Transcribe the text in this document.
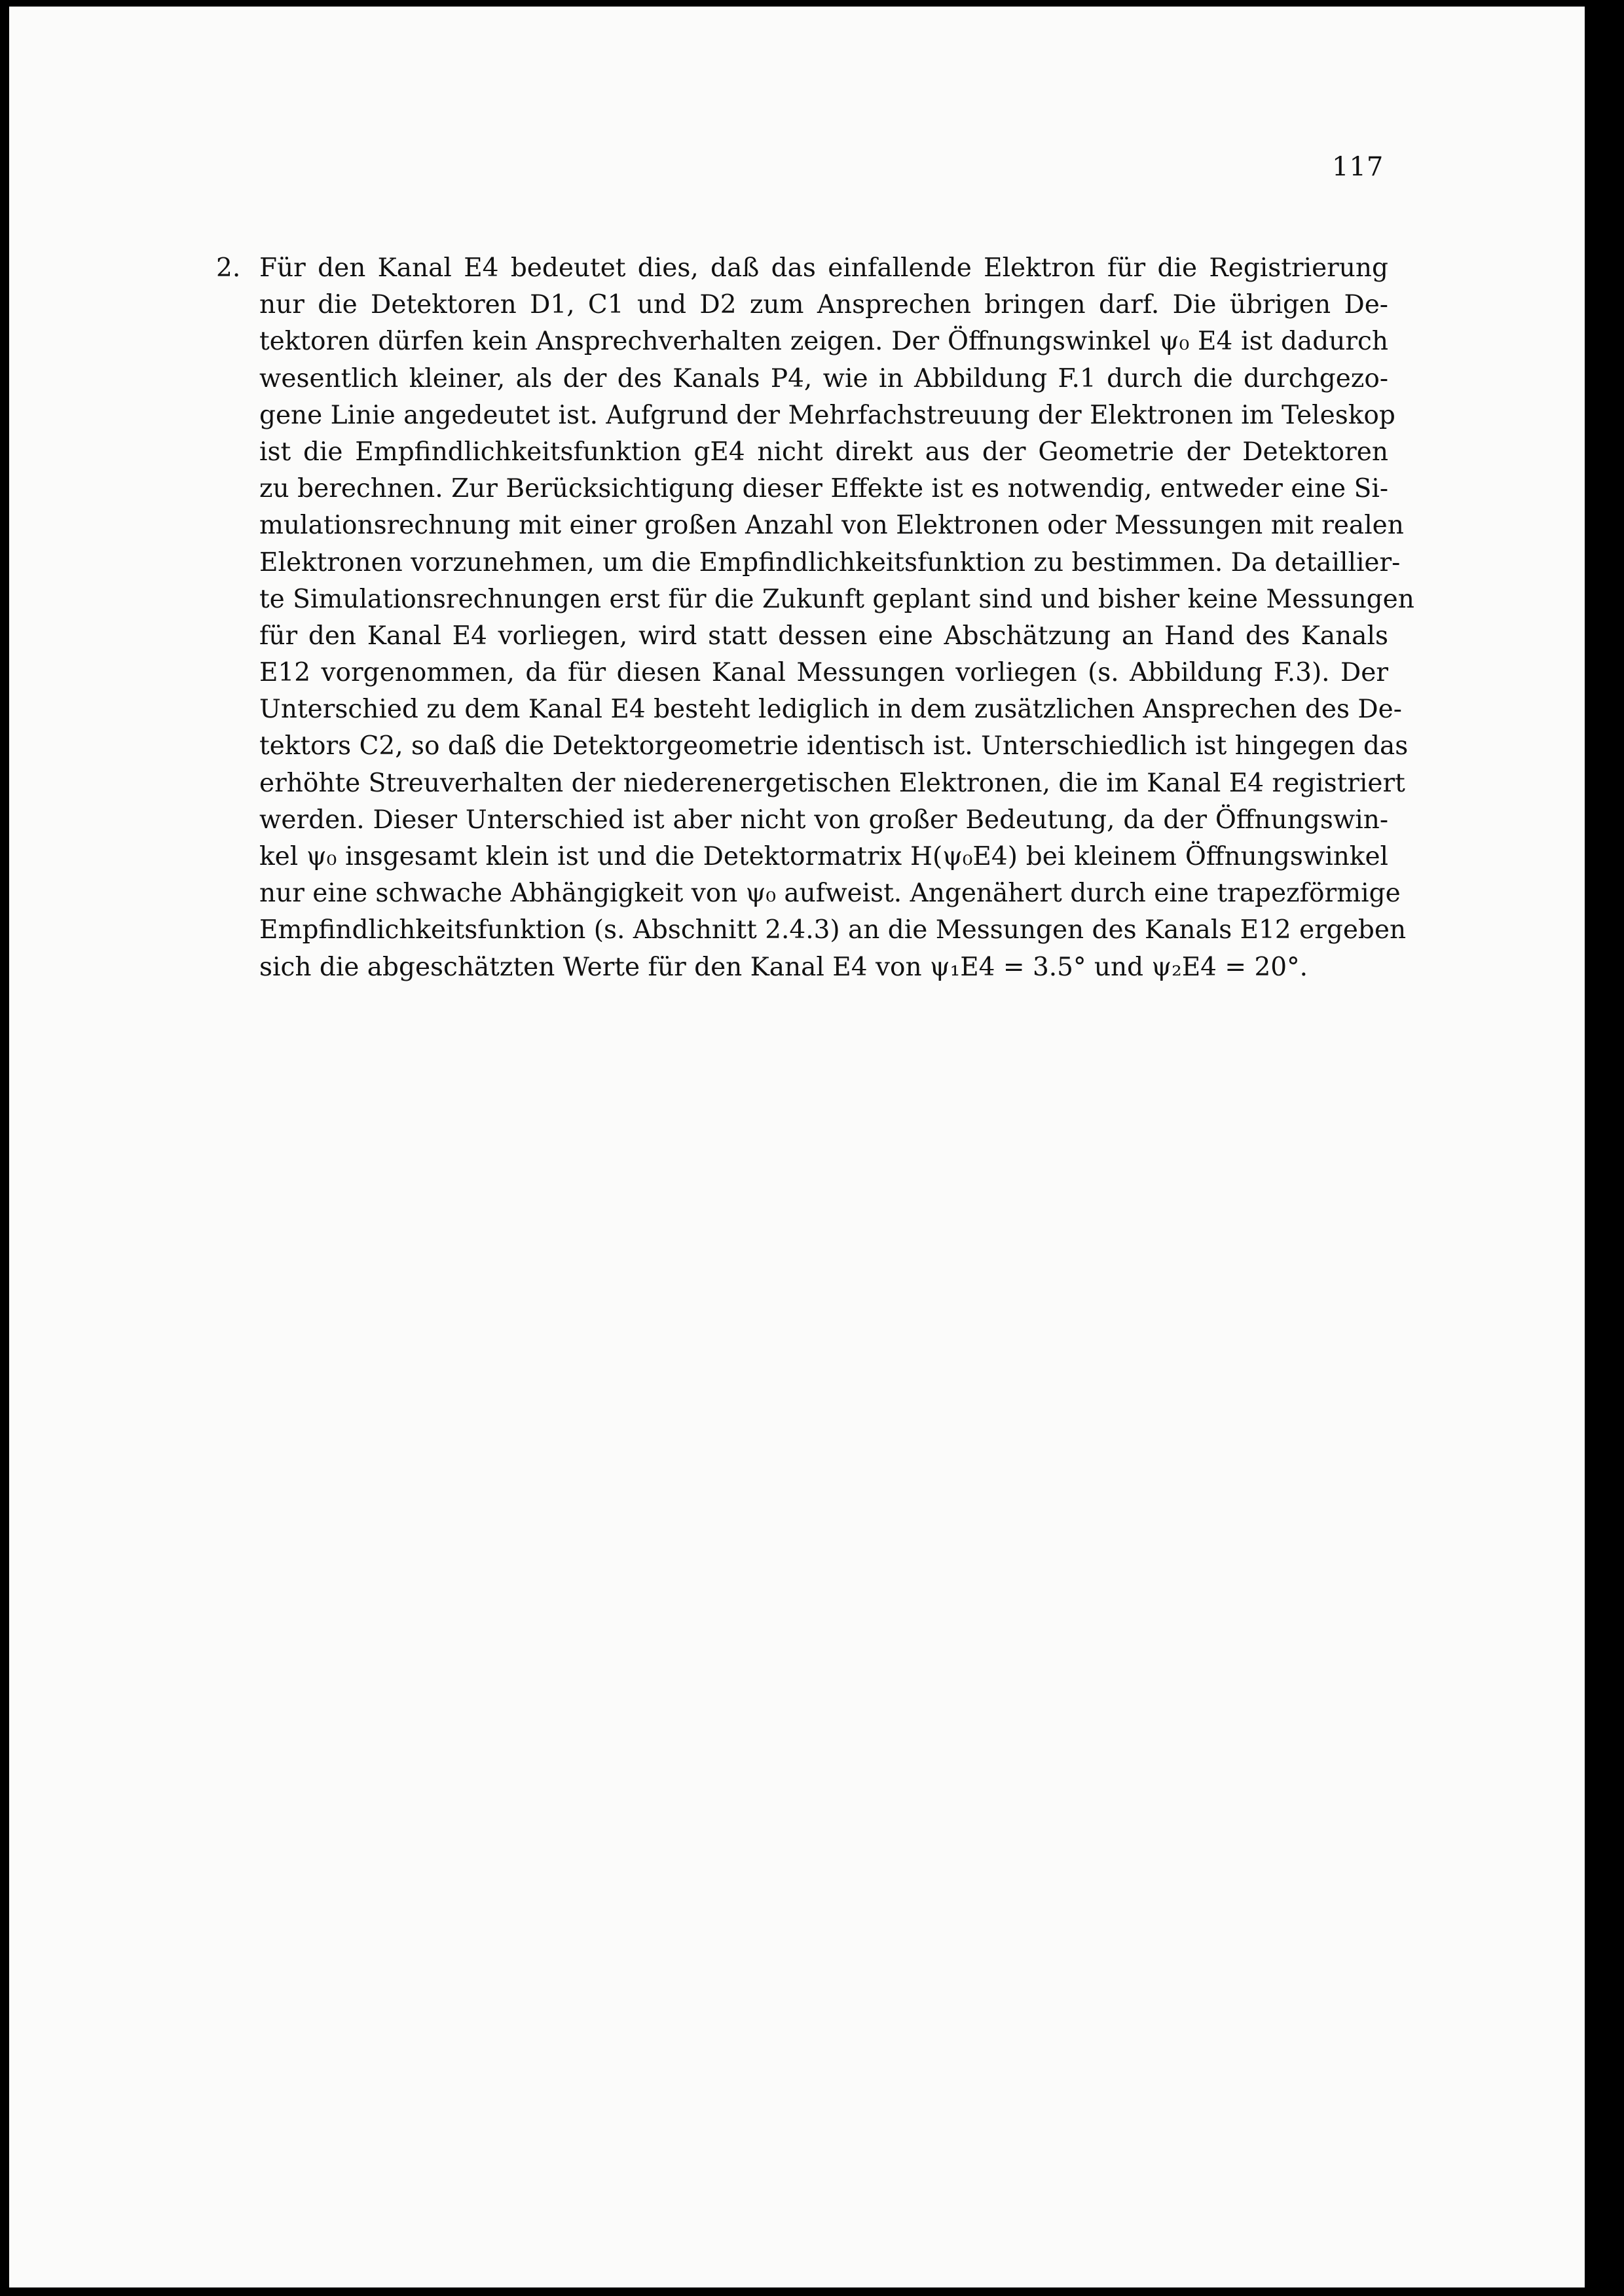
117
2. Für den Kanal E4 bedeutet dies, daß das einfallende Elektron für die Registrierung
nur die Detektoren D1, C1 und D2 zum Ansprechen bringen darf. Die übrigen De-
tektoren dürfen kein Ansprechverhalten zeigen. Der Öffnungswinkel ψ₀ E4 ist dadurch
wesentlich kleiner, als der des Kanals P4, wie in Abbildung F.1 durch die durchgezo-
gene Linie angedeutet ist. Aufgrund der Mehrfachstreuung der Elektronen im Teleskop
ist die Empfindlichkeitsfunktion gE4 nicht direkt aus der Geometrie der Detektoren
zu berechnen. Zur Berücksichtigung dieser Effekte ist es notwendig, entweder eine Si-
mulationsrechnung mit einer großen Anzahl von Elektronen oder Messungen mit realen
Elektronen vorzunehmen, um die Empfindlichkeitsfunktion zu bestimmen. Da detaillier-
te Simulationsrechnungen erst für die Zukunft geplant sind und bisher keine Messungen
für den Kanal E4 vorliegen, wird statt dessen eine Abschätzung an Hand des Kanals
E12 vorgenommen, da für diesen Kanal Messungen vorliegen (s. Abbildung F.3). Der
Unterschied zu dem Kanal E4 besteht lediglich in dem zusätzlichen Ansprechen des De-
tektors C2, so daß die Detektorgeometrie identisch ist. Unterschiedlich ist hingegen das
erhöhte Streuverhalten der niederenergetischen Elektronen, die im Kanal E4 registriert
werden. Dieser Unterschied ist aber nicht von großer Bedeutung, da der Öffnungswin-
kel ψ₀ insgesamt klein ist und die Detektormatrix H(ψ₀E4) bei kleinem Öffnungswinkel
nur eine schwache Abhängigkeit von ψ₀ aufweist. Angenähert durch eine trapezförmige
Empfindlichkeitsfunktion (s. Abschnitt 2.4.3) an die Messungen des Kanals E12 ergeben
sich die abgeschätzten Werte für den Kanal E4 von ψ₁E4 = 3.5° und ψ₂E4 = 20°.
